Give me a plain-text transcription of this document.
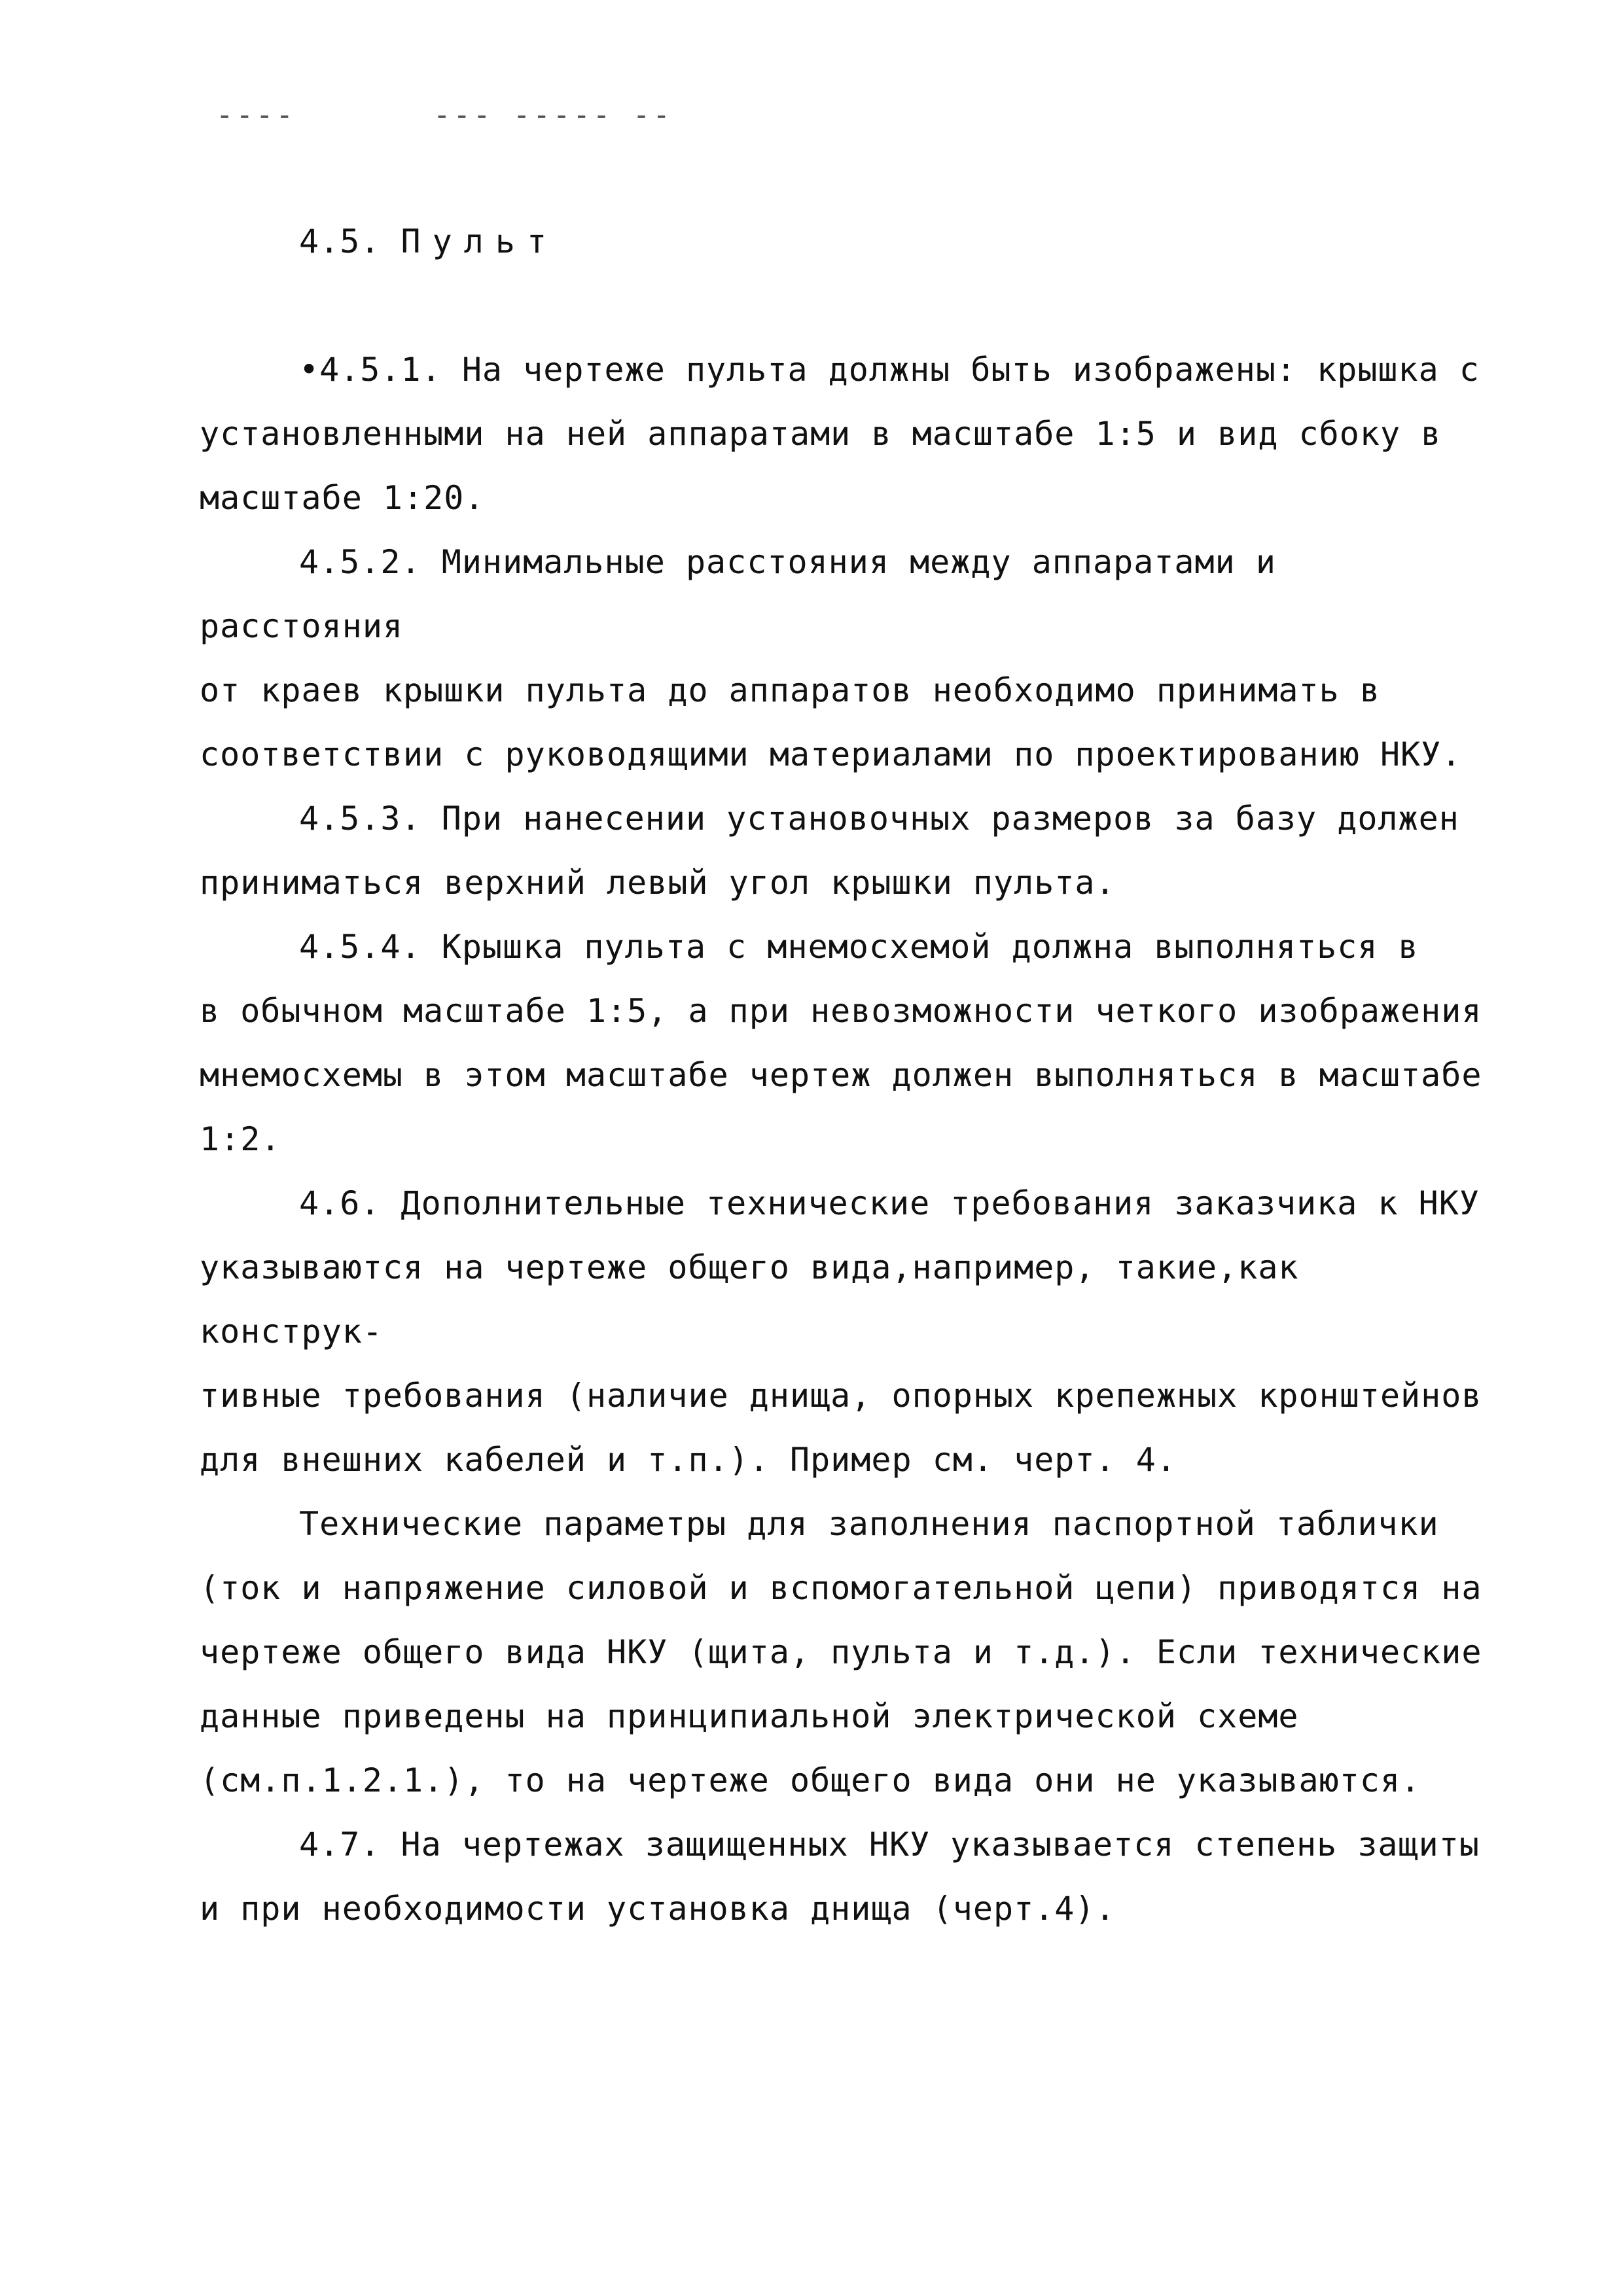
----	--- ----- --

4.5. Пульт

•4.5.1. На чертеже пульта должны быть изображены: крышка с

установленными на ней аппаратами в масштабе 1:5 и вид сбоку в

масштабе 1:20.

4.5.2. Минимальные расстояния между аппаратами и расстояния

от краев крышки пульта до аппаратов необходимо принимать в

соответствии с руководящими материалами по проектированию НКУ.

4.5.3. При нанесении установочных размеров за базу должен

приниматься верхний левый угол крышки пульта.

4.5.4. Крышка пульта с мнемосхемой должна выполняться в

в обычном масштабе 1:5, а при невозможности четкого изображения

мнемосхемы в этом масштабе чертеж должен выполняться в масштабе

1:2.

4.6. Дополнительные технические требования заказчика к НКУ

указываются на чертеже общего вида,например, такие,как конструк-

тивные требования (наличие днища, опорных крепежных кронштейнов

для внешних кабелей и т.п.). Пример см. черт. 4.

Технические параметры для заполнения паспортной таблички

(ток и напряжение силовой и вспомогательной цепи) приводятся на

чертеже общего вида НКУ (щита, пульта и т.д.). Если технические

данные приведены на принципиальной электрической схеме

(см.п.1.2.1.), то на чертеже общего вида они не указываются.

4.7. На чертежах защищенных НКУ указывается степень защиты

и при необходимости установка днища (черт.4).
